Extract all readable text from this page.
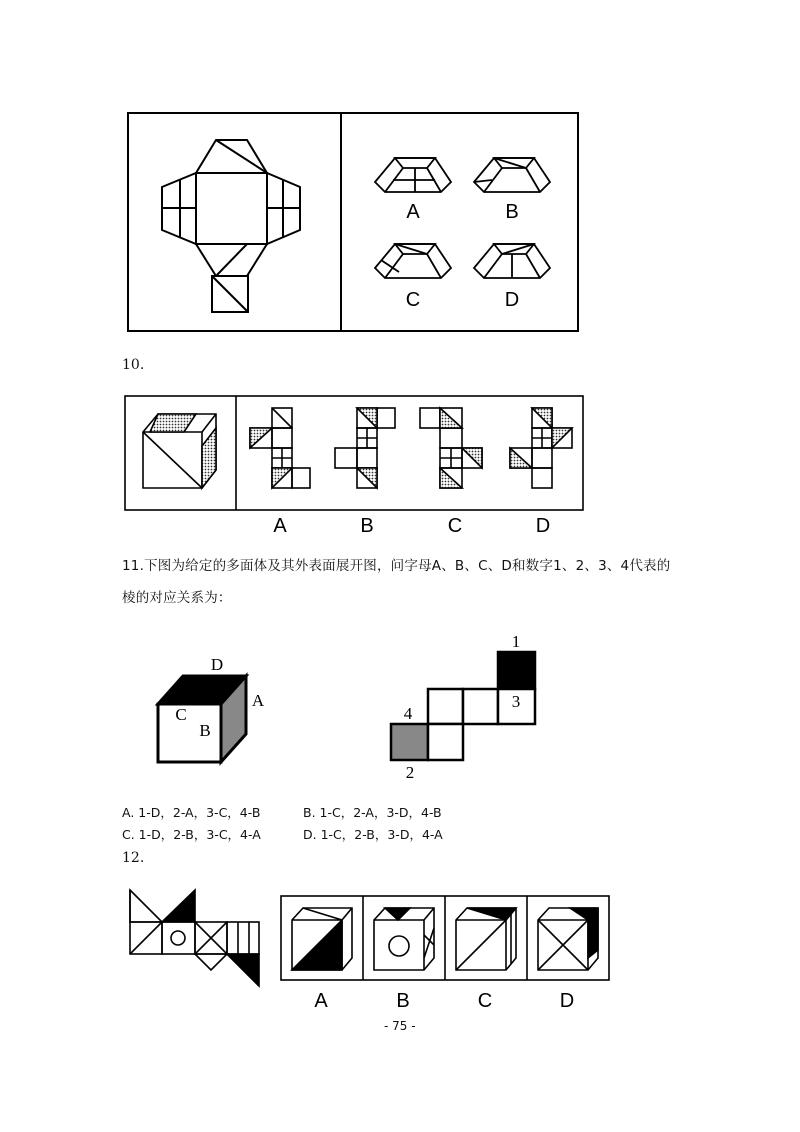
A	B
C	D
A	B	C	D
D
A
C
B
1
3
4
2
A	B	C	D
10.
11.下图为给定的多面体及其外表面展开图，问字母A、B、C、D和数字1、2、3、4代表的
棱的对应关系为：
A. 1-D，2-A，3-C，4-B	B. 1-C，2-A，3-D，4-B
C. 1-D，2-B，3-C，4-A	D. 1-C，2-B，3-D，4-A
12.
- 75 -
